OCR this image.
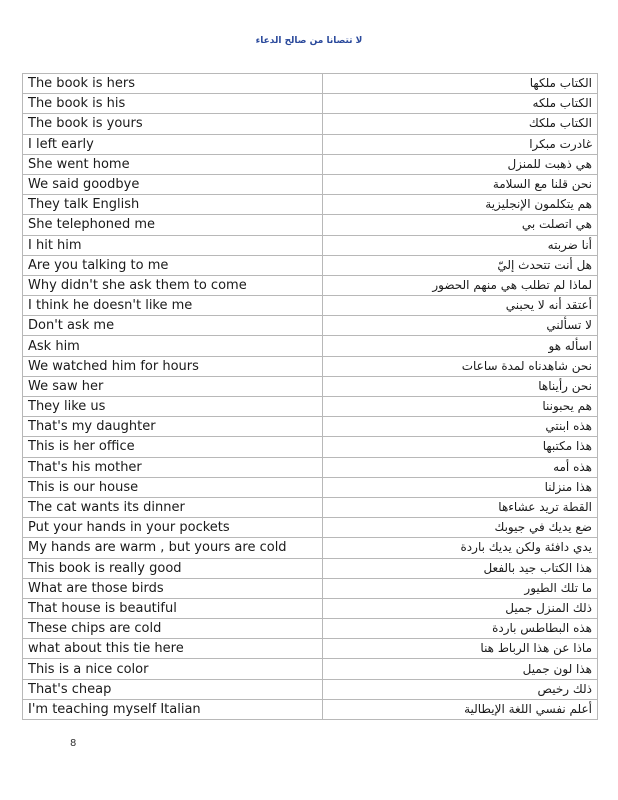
لا تتصانا من صالح الدعاء
The book is hers	الكتاب ملكها
The book is his	الكتاب ملكه
The book is yours	الكتاب ملكك
I left early	غادرت مبكرا
She went home	هي ذهبت للمنزل
We said goodbye	نحن قلنا مع السلامة
They talk English	هم يتكلمون الإنجليزية
She telephoned me	هي اتصلت بي
I hit him	أنا ضربته
Are you talking to me	هل أنت تتحدث إليّ
Why didn't she ask them to come	لماذا لم تطلب هي منهم الحضور
I think he doesn't like me	أعتقد أنه لا يحبني
Don't ask me	لا تسألني
Ask him	اسأله هو
We watched him for hours	نحن شاهدناه لمدة ساعات
We saw her	نحن رأيناها
They like us	هم يحبوننا
That's my daughter	هذه ابنتي
This is her office	هذا مكتبها
That's his mother	هذه أمه
This is our house	هذا منزلنا
The cat wants its dinner	القطة تريد عشاءها
Put your hands in your pockets	ضع يديك في جيوبك
My hands are warm , but yours are cold	يدي دافئة ولكن يديك باردة
This book is really good	هذا الكتاب جيد بالفعل
What are those birds	ما تلك الطيور
That house is beautiful	ذلك المنزل جميل
These chips are cold	هذه البطاطس باردة
what about this tie here	ماذا عن هذا الرباط هنا
This is a nice color	هذا لون جميل
That's cheap	ذلك رخيص
I'm teaching myself Italian	أعلم نفسي اللغة الإيطالية
8
